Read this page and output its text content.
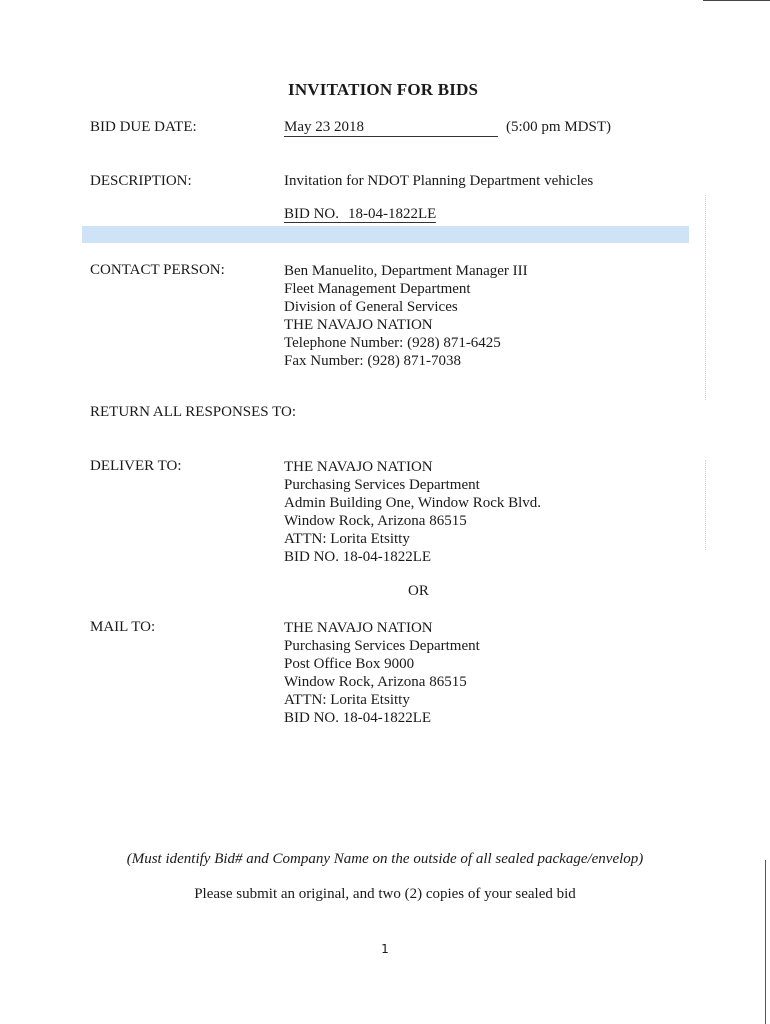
INVITATION FOR BIDS
BID DUE DATE:	May 23 2018	(5:00 pm MDST)
DESCRIPTION:	Invitation for NDOT Planning Department vehicles
BID NO. 18-04-1822LE
CONTACT PERSON:	Ben Manuelito, Department Manager III
Fleet Management Department
Division of General Services
THE NAVAJO NATION
Telephone Number: (928) 871-6425
Fax Number: (928) 871-7038
RETURN ALL RESPONSES TO:
DELIVER TO:	THE NAVAJO NATION
Purchasing Services Department
Admin Building One, Window Rock Blvd.
Window Rock, Arizona 86515
ATTN: Lorita Etsitty
BID NO. 18-04-1822LE
OR
MAIL TO:	THE NAVAJO NATION
Purchasing Services Department
Post Office Box 9000
Window Rock, Arizona 86515
ATTN: Lorita Etsitty
BID NO. 18-04-1822LE
(Must identify Bid# and Company Name on the outside of all sealed package/envelop)
Please submit an original, and two (2) copies of your sealed bid
1
